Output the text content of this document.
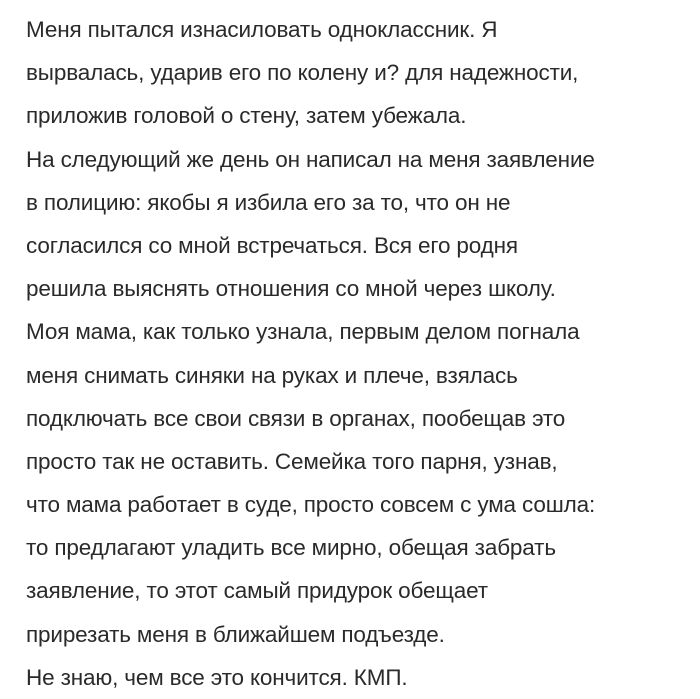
Меня пытался изнасиловать одноклассник. Я
вырвалась, ударив его по колену и? для надежности,
приложив головой о стену, затем убежала.
На следующий же день он написал на меня заявление
в полицию: якобы я избила его за то, что он не
согласился со мной встречаться. Вся его родня
решила выяснять отношения со мной через школу.
Моя мама, как только узнала, первым делом погнала
меня снимать синяки на руках и плече, взялась
подключать все свои связи в органах, пообещав это
просто так не оставить. Семейка того парня, узнав,
что мама работает в суде, просто совсем с ума сошла:
то предлагают уладить все мирно, обещая забрать
заявление, то этот самый придурок обещает
прирезать меня в ближайшем подъезде.
Не знаю, чем все это кончится. КМП.
